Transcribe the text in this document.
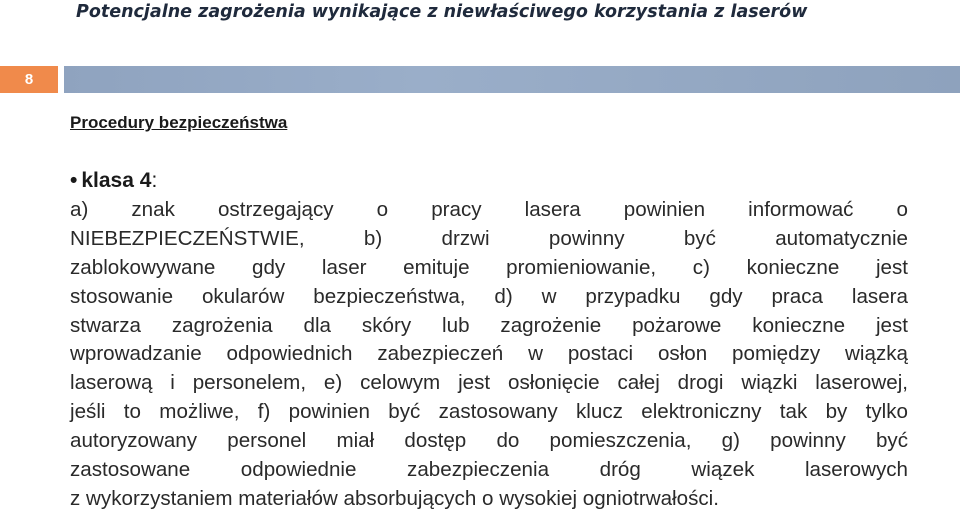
Potencjalne zagrożenia wynikające z niewłaściwego korzystania z laserów
8
Procedury bezpieczeństwa
• klasa 4:
a) znak ostrzegający o pracy lasera powinien informować o
NIEBEZPIECZEŃSTWIE, b) drzwi powinny być automatycznie
zablokowywane gdy laser emituje promieniowanie, c) konieczne jest
stosowanie okularów bezpieczeństwa, d) w przypadku gdy praca lasera
stwarza zagrożenia dla skóry lub zagrożenie pożarowe konieczne jest
wprowadzanie odpowiednich zabezpieczeń w postaci osłon pomiędzy wiązką
laserową i personelem, e) celowym jest osłonięcie całej drogi wiązki laserowej,
jeśli to możliwe, f) powinien być zastosowany klucz elektroniczny tak by tylko
autoryzowany personel miał dostęp do pomieszczenia, g) powinny być
zastosowane odpowiednie zabezpieczenia dróg wiązek laserowych
z wykorzystaniem materiałów absorbujących o wysokiej ogniotrwałości.
